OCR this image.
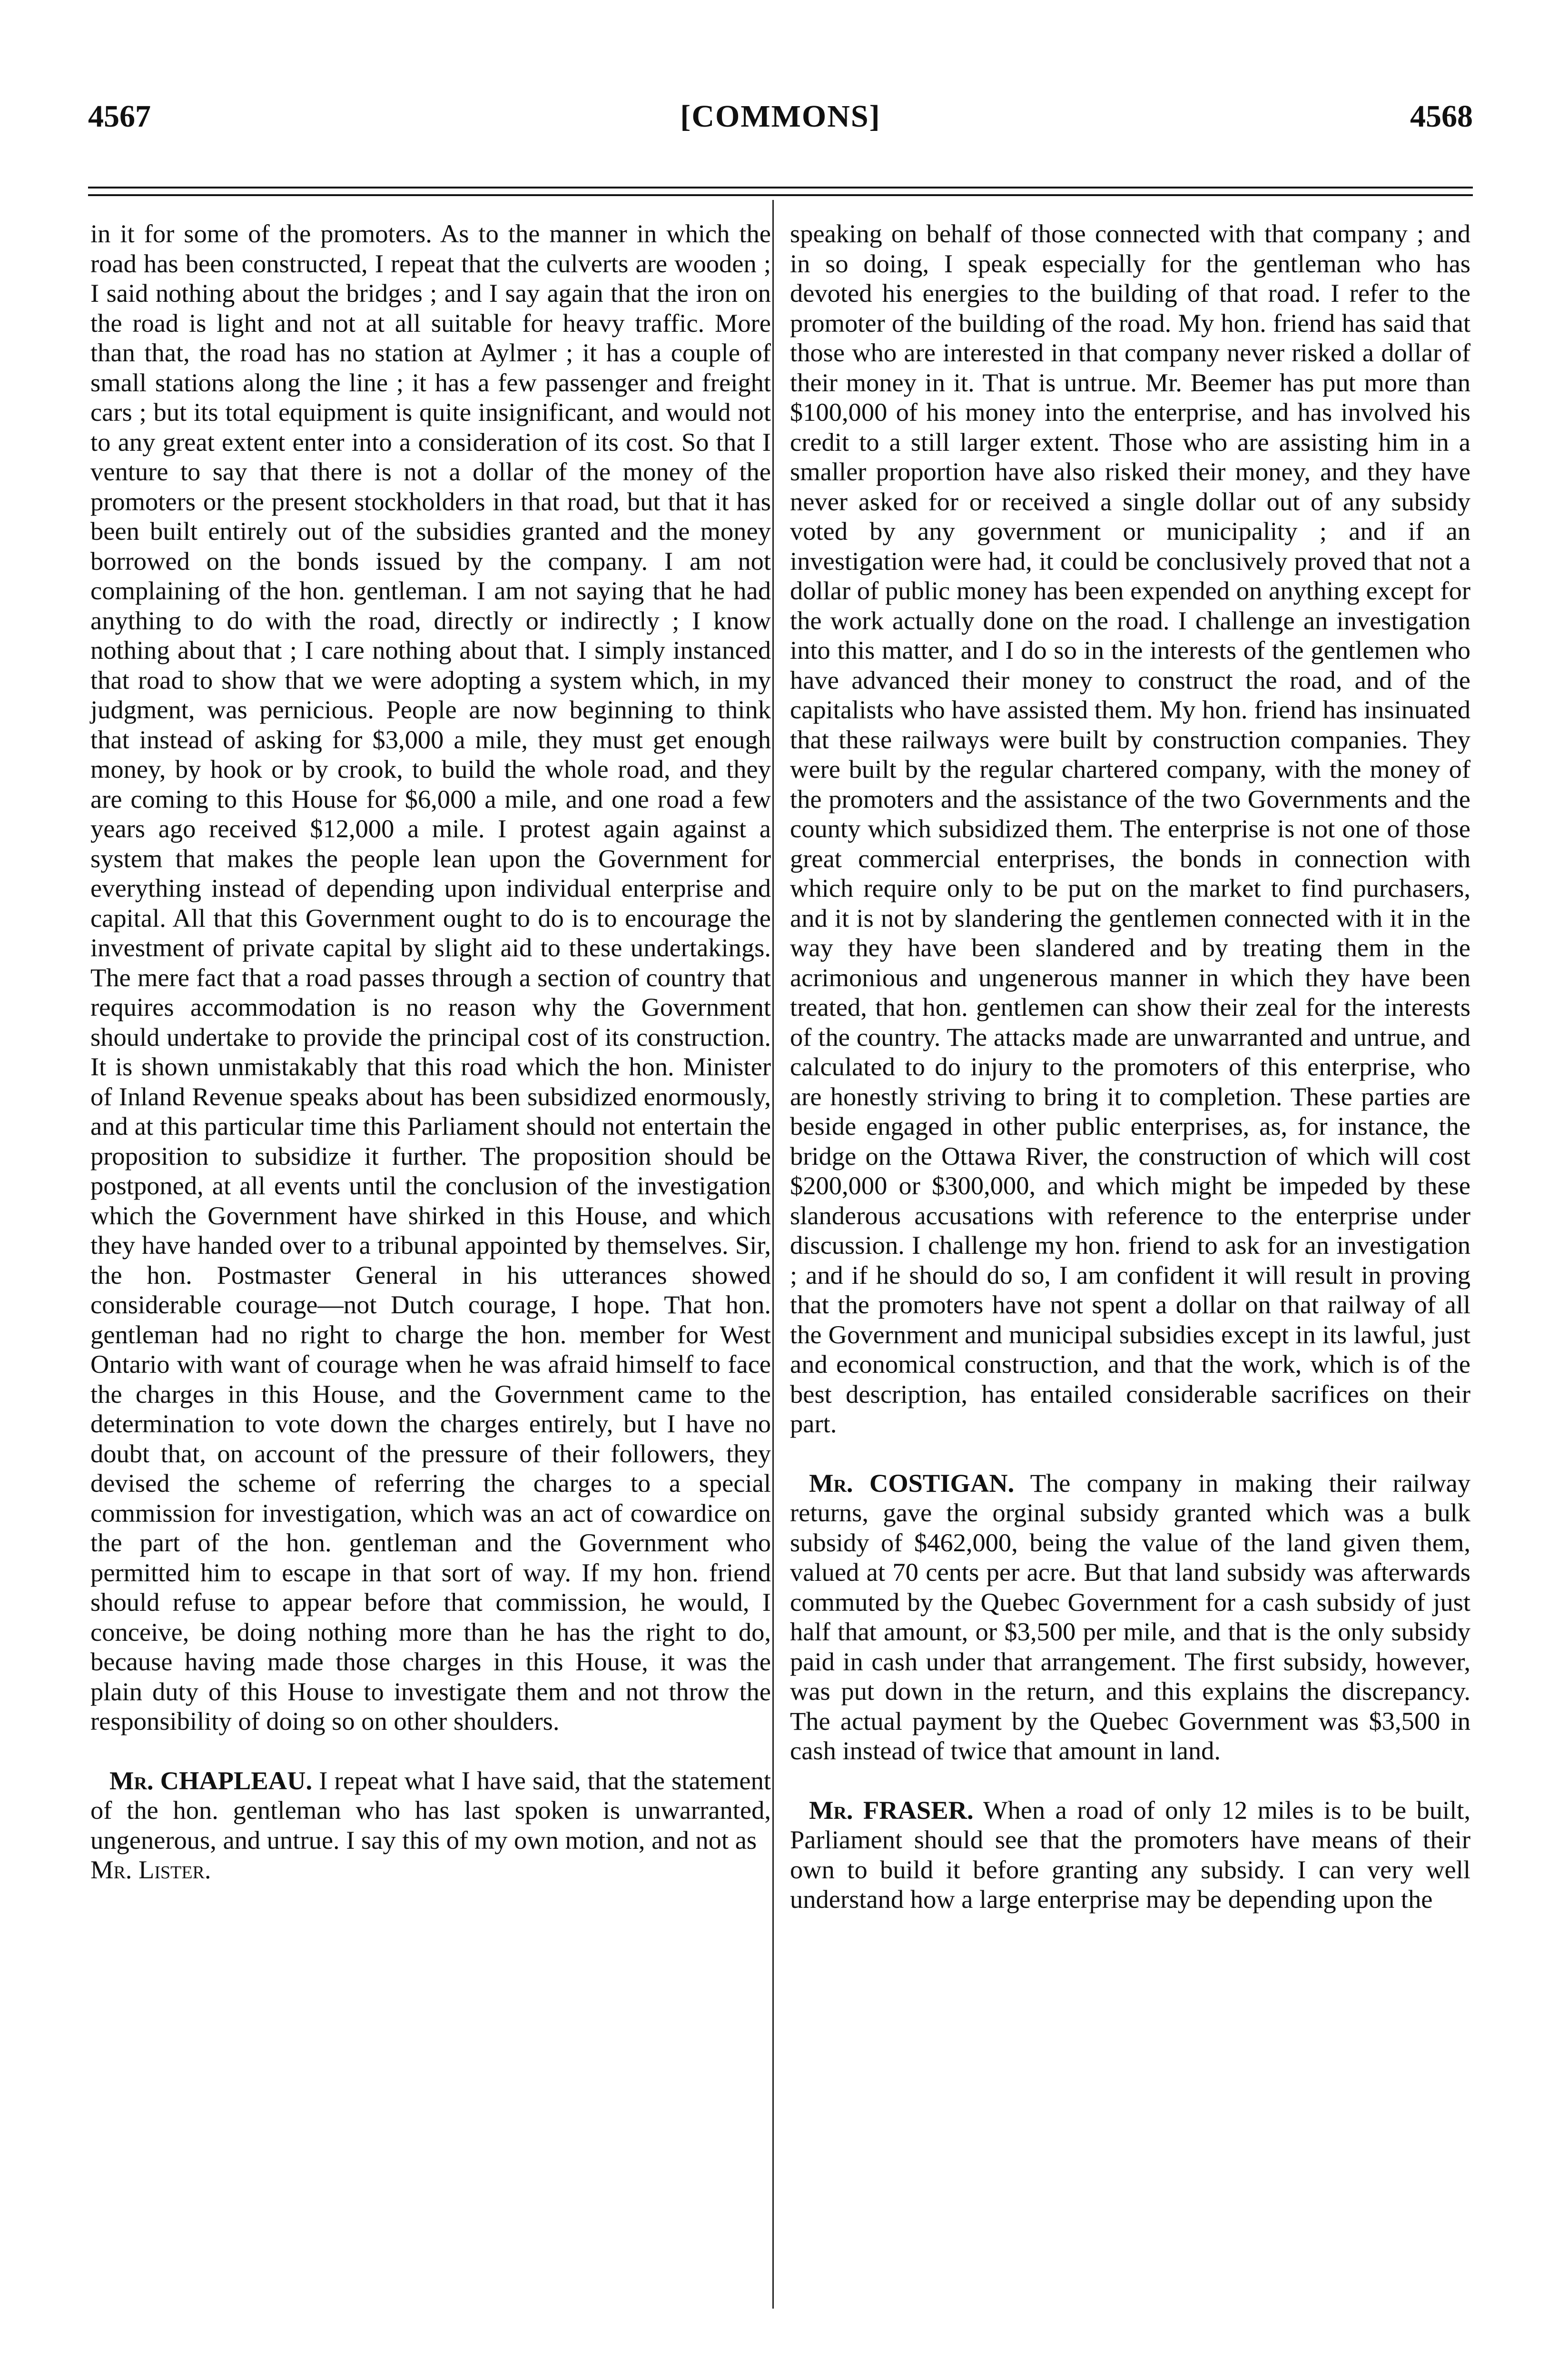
4567	[COMMONS]	4568

in it for some of the promoters. As to the manner in which the road has been constructed, I repeat that the culverts are wooden ; I said nothing about the bridges ; and I say again that the iron on the road is light and not at all suitable for heavy traffic. More than that, the road has no station at Aylmer ; it has a couple of small stations along the line ; it has a few passenger and freight cars ; but its total equipment is quite insignificant, and would not to any great extent enter into a consideration of its cost. So that I venture to say that there is not a dollar of the money of the promoters or the present stockholders in that road, but that it has been built entirely out of the subsidies granted and the money borrowed on the bonds issued by the company. I am not complaining of the hon. gentleman. I am not saying that he had anything to do with the road, directly or indirectly ; I know nothing about that ; I care nothing about that. I simply instanced that road to show that we were adopting a system which, in my judgment, was pernicious. People are now beginning to think that instead of asking for $3,000 a mile, they must get enough money, by hook or by crook, to build the whole road, and they are coming to this House for $6,000 a mile, and one road a few years ago received $12,000 a mile. I protest again against a system that makes the people lean upon the Government for everything instead of depending upon individual enterprise and capital. All that this Government ought to do is to encourage the investment of private capital by slight aid to these undertakings. The mere fact that a road passes through a section of country that requires accommodation is no reason why the Government should undertake to provide the principal cost of its construction. It is shown unmistakably that this road which the hon. Minister of Inland Revenue speaks about has been subsidized enormously, and at this particular time this Parliament should not entertain the proposition to subsidize it further. The proposition should be postponed, at all events until the conclusion of the investigation which the Government have shirked in this House, and which they have handed over to a tribunal appointed by themselves. Sir, the hon. Postmaster General in his utterances showed considerable courage—not Dutch courage, I hope. That hon. gentleman had no right to charge the hon. member for West Ontario with want of courage when he was afraid himself to face the charges in this House, and the Government came to the determination to vote down the charges entirely, but I have no doubt that, on account of the pressure of their followers, they devised the scheme of referring the charges to a special commission for investigation, which was an act of cowardice on the part of the hon. gentleman and the Government who permitted him to escape in that sort of way. If my hon. friend should refuse to appear before that commission, he would, I conceive, be doing nothing more than he has the right to do, because having made those charges in this House, it was the plain duty of this House to investigate them and not throw the responsibility of doing so on other shoulders.

Mr. CHAPLEAU. I repeat what I have said, that the statement of the hon. gentleman who has last spoken is unwarranted, ungenerous, and untrue. I say this of my own motion, and not as

Mr. Lister.

speaking on behalf of those connected with that company ; and in so doing, I speak especially for the gentleman who has devoted his energies to the building of that road. I refer to the promoter of the building of the road. My hon. friend has said that those who are interested in that company never risked a dollar of their money in it. That is untrue. Mr. Beemer has put more than $100,000 of his money into the enterprise, and has involved his credit to a still larger extent. Those who are assisting him in a smaller proportion have also risked their money, and they have never asked for or received a single dollar out of any subsidy voted by any government or municipality ; and if an investigation were had, it could be conclusively proved that not a dollar of public money has been expended on anything except for the work actually done on the road. I challenge an investigation into this matter, and I do so in the interests of the gentlemen who have advanced their money to construct the road, and of the capitalists who have assisted them. My hon. friend has insinuated that these railways were built by construction companies. They were built by the regular chartered company, with the money of the promoters and the assistance of the two Governments and the county which subsidized them. The enterprise is not one of those great commercial enterprises, the bonds in connection with which require only to be put on the market to find purchasers, and it is not by slandering the gentlemen connected with it in the way they have been slandered and by treating them in the acrimonious and ungenerous manner in which they have been treated, that hon. gentlemen can show their zeal for the interests of the country. The attacks made are unwarranted and untrue, and calculated to do injury to the promoters of this enterprise, who are honestly striving to bring it to completion. These parties are beside engaged in other public enterprises, as, for instance, the bridge on the Ottawa River, the construction of which will cost $200,000 or $300,000, and which might be impeded by these slanderous accusations with reference to the enterprise under discussion. I challenge my hon. friend to ask for an investigation ; and if he should do so, I am confident it will result in proving that the promoters have not spent a dollar on that railway of all the Government and municipal subsidies except in its lawful, just and economical construction, and that the work, which is of the best description, has entailed considerable sacrifices on their part.

Mr. COSTIGAN. The company in making their railway returns, gave the orginal subsidy granted which was a bulk subsidy of $462,000, being the value of the land given them, valued at 70 cents per acre. But that land subsidy was afterwards commuted by the Quebec Government for a cash subsidy of just half that amount, or $3,500 per mile, and that is the only subsidy paid in cash under that arrangement. The first subsidy, however, was put down in the return, and this explains the discrepancy. The actual payment by the Quebec Government was $3,500 in cash instead of twice that amount in land.

Mr. FRASER. When a road of only 12 miles is to be built, Parliament should see that the promoters have means of their own to build it before granting any subsidy. I can very well understand how a large enterprise may be depending upon the
